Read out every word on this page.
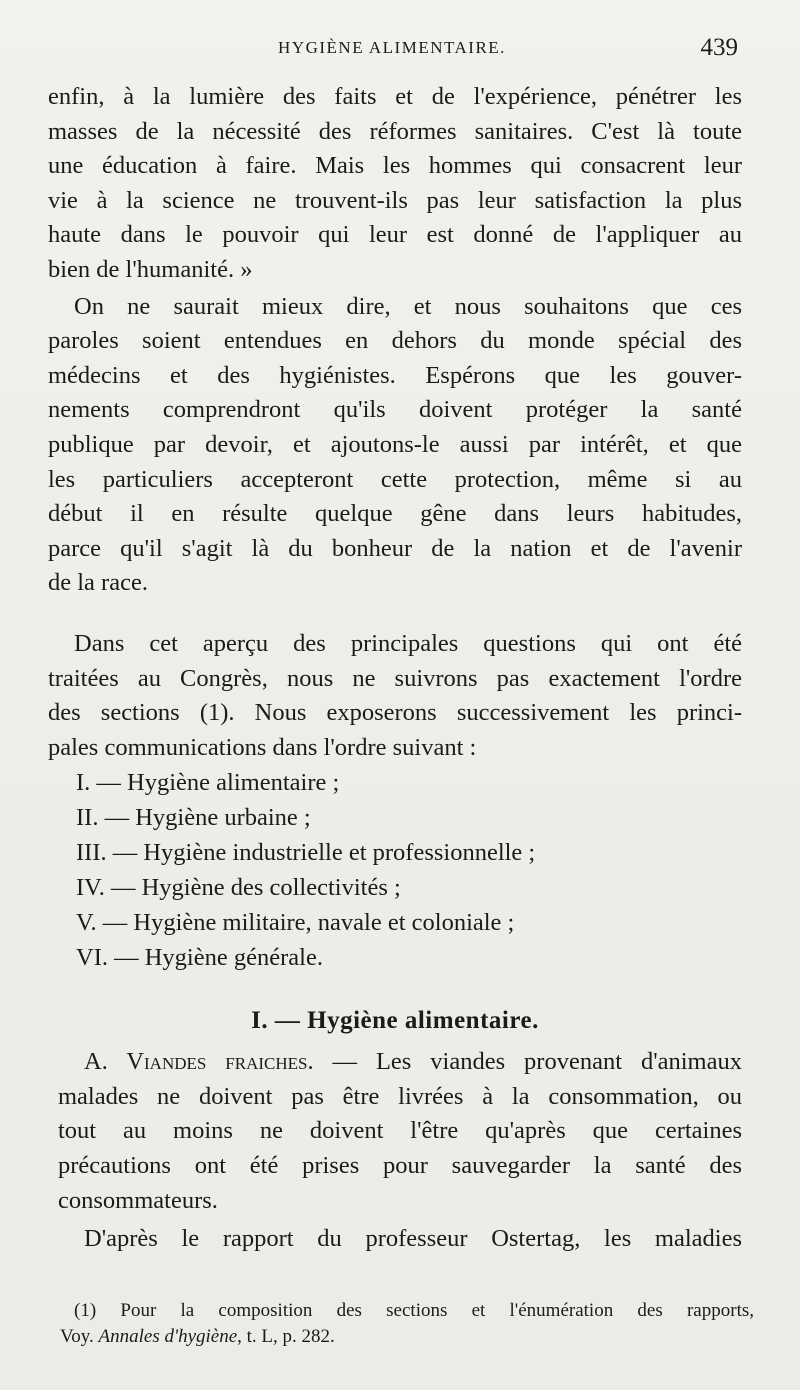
HYGIÈNE ALIMENTAIRE.	439
enfin, à la lumière des faits et de l'expérience, pénétrer les
masses de la nécessité des réformes sanitaires. C'est là toute
une éducation à faire. Mais les hommes qui consacrent leur
vie à la science ne trouvent-ils pas leur satisfaction la plus
haute dans le pouvoir qui leur est donné de l'appliquer au
bien de l'humanité. »
On ne saurait mieux dire, et nous souhaitons que ces
paroles soient entendues en dehors du monde spécial des
médecins et des hygiénistes. Espérons que les gouver-
nements comprendront qu'ils doivent protéger la santé
publique par devoir, et ajoutons-le aussi par intérêt, et que
les particuliers accepteront cette protection, même si au
début il en résulte quelque gêne dans leurs habitudes,
parce qu'il s'agit là du bonheur de la nation et de l'avenir
de la race.
Dans cet aperçu des principales questions qui ont été
traitées au Congrès, nous ne suivrons pas exactement l'ordre
des sections (1). Nous exposerons successivement les princi-
pales communications dans l'ordre suivant :
I. — Hygiène alimentaire ;
II. — Hygiène urbaine ;
III. — Hygiène industrielle et professionnelle ;
IV. — Hygiène des collectivités ;
V. — Hygiène militaire, navale et coloniale ;
VI. — Hygiène générale.
I. — Hygiène alimentaire.
A. Viandes fraiches. — Les viandes provenant d'animaux
malades ne doivent pas être livrées à la consommation, ou
tout au moins ne doivent l'être qu'après que certaines
précautions ont été prises pour sauvegarder la santé des
consommateurs.
D'après le rapport du professeur Ostertag, les maladies
(1) Pour la composition des sections et l'énumération des rapports,
Voy. Annales d'hygiène, t. L, p. 282.
